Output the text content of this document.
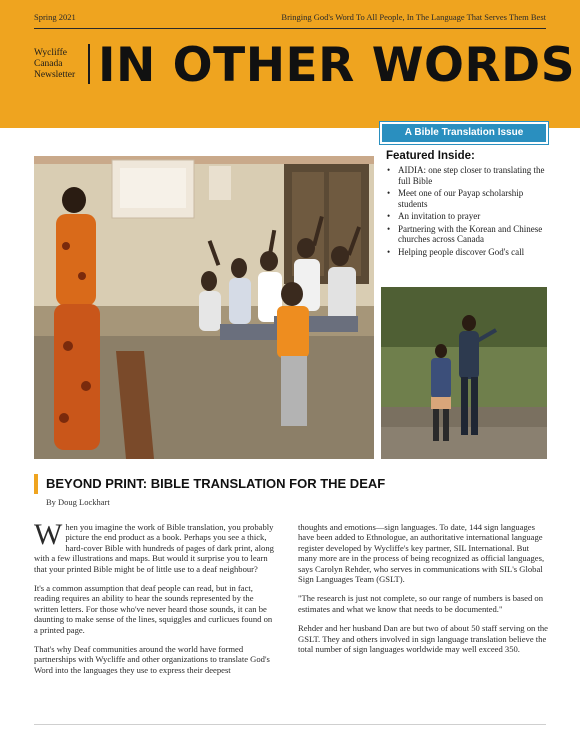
Spring 2021	Bringing God's Word To All People, In The Language That Serves Them Best
Wycliffe
Canada
Newsletter IN OTHER WORDS
A Bible Translation Issue
Featured Inside:
• AIDIA: one step closer to translating the full Bible
• Meet one of our Payap scholarship students
• An invitation to prayer
• Partnering with the Korean and Chinese churches across Canada
• Helping people discover God's call
BEYOND PRINT: BIBLE TRANSLATION FOR THE DEAF
By Doug Lockhart

When you imagine the work of Bible translation, you probably picture the end product as a book. Perhaps you see a thick, hard-cover Bible with hundreds of pages of dark print, along with a few illustrations and maps. But would it surprise you to learn that your printed Bible might be of little use to a deaf neighbour?

It's a common assumption that deaf people can read, but in fact, reading requires an ability to hear the sounds represented by the written letters. For those who've never heard those sounds, it can be daunting to make sense of the lines, squiggles and curlicues found on a printed page.

That's why Deaf communities around the world have formed partnerships with Wycliffe and other organizations to translate God's Word into the languages they use to express their deepest

thoughts and emotions—sign languages. To date, 144 sign languages have been added to Ethnologue, an authoritative international language register developed by Wycliffe's key partner, SIL International. But many more are in the process of being recognized as official languages, says Carolyn Rehder, who serves in communications with SIL's Global Sign Languages Team (GSLT).

"The research is just not complete, so our range of numbers is based on estimates and what we know that needs to be documented."

Rehder and her husband Dan are but two of about 50 staff serving on the GSLT. They and others involved in sign language translation believe the total number of sign languages worldwide may well exceed 350.
